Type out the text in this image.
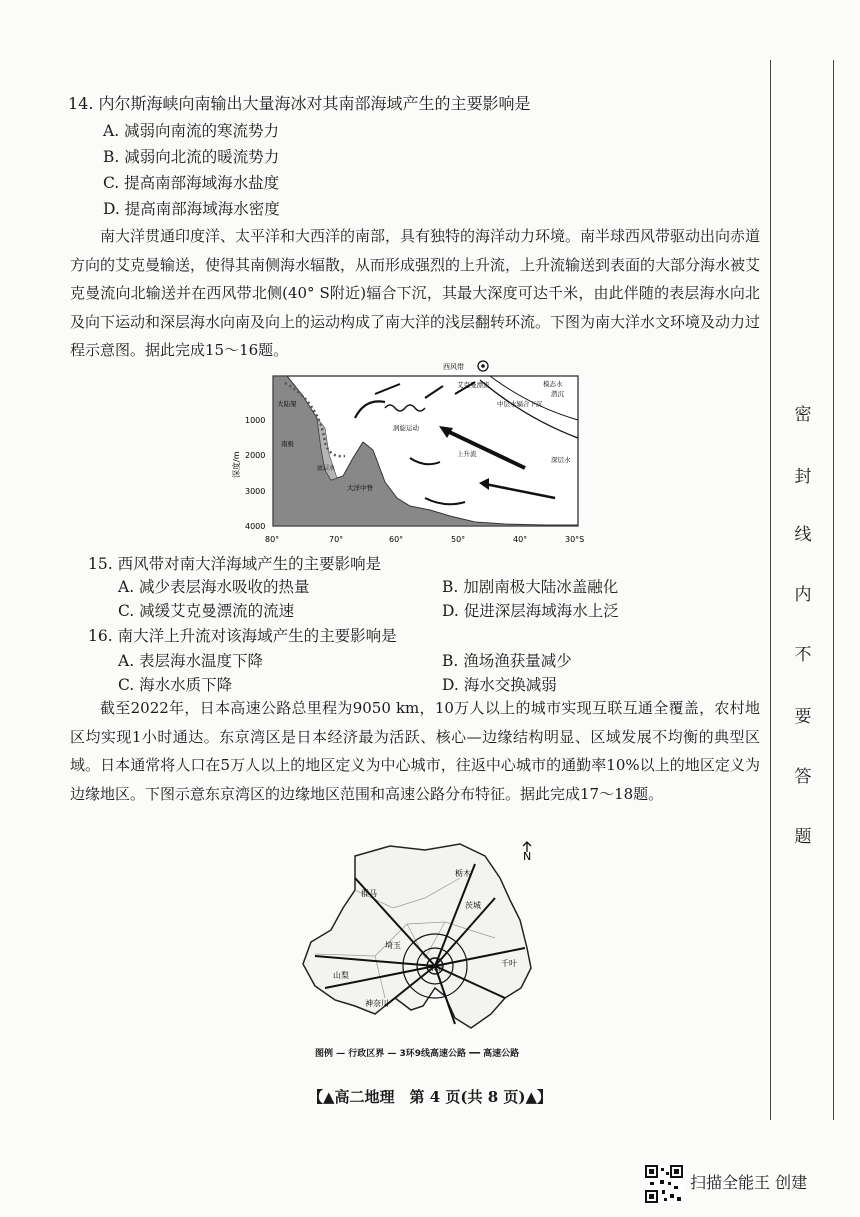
14. 内尔斯海峡向南输出大量海冰对其南部海域产生的主要影响是
A. 减弱向南流的寒流势力
B. 减弱向北流的暖流势力
C. 提高南部海域海水盐度
D. 提高南部海域海水密度

南大洋贯通印度洋、太平洋和大西洋的南部，具有独特的海洋动力环境。南半球西风带驱动出向赤道方向的艾克曼输送，使得其南侧海水辐散，从而形成强烈的上升流，上升流输送到表面的大部分海水被艾克曼流向北输送并在西风带北侧(40° S附近)辐合下沉，其最大深度可达千米，由此伴随的表层海水向北及向下运动和深层海水向南及向上的运动构成了南大洋的浅层翻转环流。下图为南大洋水文环境及动力过程示意图。据此完成15～16题。

西风带
艾克曼漂流	模态水
潜沉
中层水辐合下沉
大陆架
南极
涡旋运动
上升流
深层水
底层水
大洋中脊
深度/m
1000
2000
3000
4000
80°	70°	60°	50°	40°	30°S
15. 西风带对南大洋海域产生的主要影响是
A. 减少表层海水吸收的热量	B. 加剧南极大陆冰盖融化
C. 减缓艾克曼漂流的流速	D. 促进深层海域海水上泛
16. 南大洋上升流对该海域产生的主要影响是
A. 表层海水温度下降	B. 渔场渔获量减少
C. 海水水质下降	D. 海水交换减弱

截至2022年，日本高速公路总里程为9050 km，10万人以上的城市实现互联互通全覆盖，农村地区均实现1小时通达。东京湾区是日本经济最为活跃、核心—边缘结构明显、区域发展不均衡的典型区域。日本通常将人口在5万人以上的地区定义为中心城市，往返中心城市的通勤率10%以上的地区定义为边缘地区。下图示意东京湾区的边缘地区范围和高速公路分布特征。据此完成17～18题。

栃木
群马
茨城
埼玉
山梨
东京	千叶
神奈川
N
图例 — 行政区界 — 3环9线高速公路 ━━ 高速公路
密
封
线
内
不
要
答
题
【▲高二地理　第 4 页(共 8 页)▲】
扫描全能王 创建
